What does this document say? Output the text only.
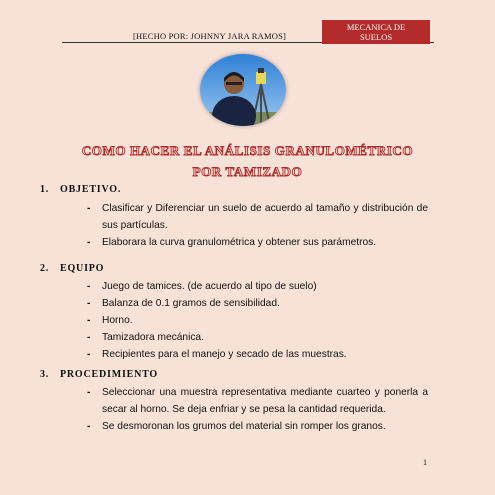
[HECHO POR: JOHNNY JARA RAMOS]
MECANICA DE
SUELOS
COMO HACER EL ANÁLISIS GRANULOMÉTRICO
POR TAMIZADO
1. OBJETIVO.
- Clasificar y Diferenciar un suelo de acuerdo al tamaño y distribución de sus partículas.
- Elaborara la curva granulométrica y obtener sus parámetros.
2. EQUIPO
- Juego de tamices. (de acuerdo al tipo de suelo)
- Balanza de 0.1 gramos de sensibilidad.
- Horno.
- Tamizadora mecánica.
- Recipientes para el manejo y secado de las muestras.
3. PROCEDIMIENTO
- Seleccionar una muestra representativa mediante cuarteo y ponerla a secar al horno. Se deja enfriar y se pesa la cantidad requerida.
- Se desmoronan los grumos del material sin romper los granos.
1
